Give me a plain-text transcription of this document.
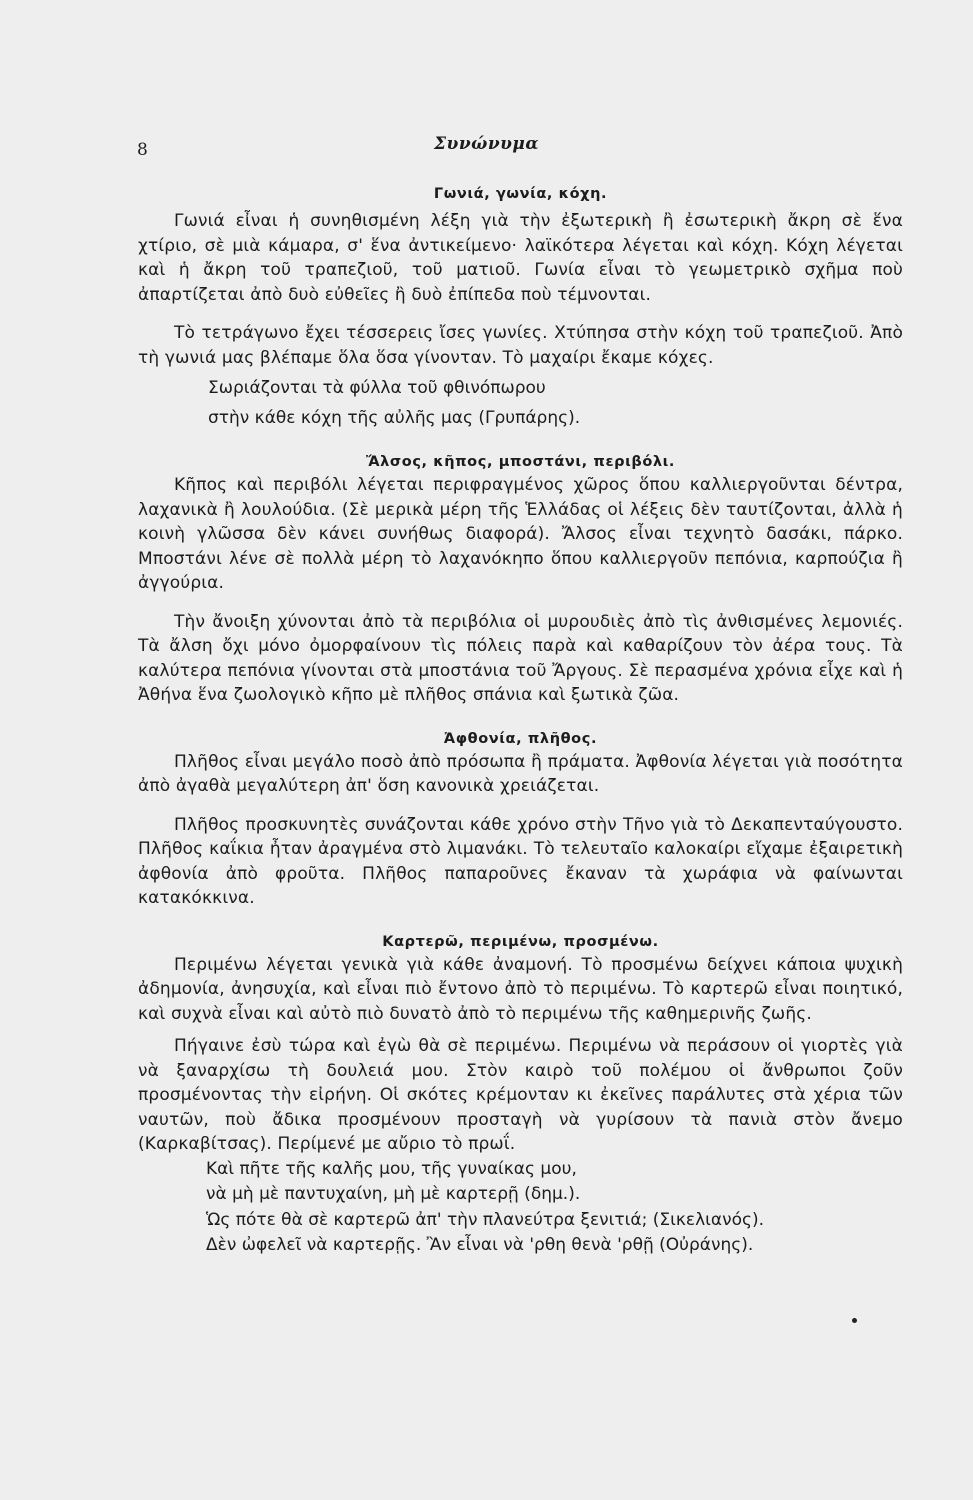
8	Συνώνυμα
Γωνιά, γωνία, κόχη.

Γωνιά εἶναι ἡ συνηθισμένη λέξη γιὰ τὴν ἐξωτερικὴ ἢ ἐσωτερικὴ ἄκρη σὲ ἕνα χτίριο, σὲ μιὰ κάμαρα, σ' ἕνα ἀντικείμενο· λαϊκότερα λέγεται καὶ κόχη. Κόχη λέγεται καὶ ἡ ἄκρη τοῦ τραπεζιοῦ, τοῦ ματιοῦ. Γωνία εἶναι τὸ γεωμετρικὸ σχῆμα ποὺ ἀπαρτίζεται ἀπὸ δυὸ εὐθεῖες ἢ δυὸ ἐπίπεδα ποὺ τέμνονται.

Τὸ τετράγωνο ἔχει τέσσερεις ἴσες γωνίες. Χτύπησα στὴν κόχη τοῦ τραπεζιοῦ. Ἀπὸ τὴ γωνιά μας βλέπαμε ὅλα ὅσα γίνονταν. Τὸ μαχαίρι ἔκαμε κόχες.

Σωριάζονται τὰ φύλλα τοῦ φθινόπωρου
στὴν κάθε κόχη τῆς αὐλῆς μας (Γρυπάρης).
Ἄλσος, κῆπος, μποστάνι, περιβόλι.

Κῆπος καὶ περιβόλι λέγεται περιφραγμένος χῶρος ὅπου καλλιεργοῦνται δέντρα, λαχανικὰ ἢ λουλούδια. (Σὲ μερικὰ μέρη τῆς Ἑλλάδας οἱ λέξεις δὲν ταυτίζονται, ἀλλὰ ἡ κοινὴ γλῶσσα δὲν κάνει συνήθως διαφορά). Ἄλσος εἶναι τεχνητὸ δασάκι, πάρκο. Μποστάνι λένε σὲ πολλὰ μέρη τὸ λαχανόκηπο ὅπου καλλιεργοῦν πεπόνια, καρπούζια ἢ ἀγγούρια.

Τὴν ἄνοιξη χύνονται ἀπὸ τὰ περιβόλια οἱ μυρουδιὲς ἀπὸ τὶς ἀνθισμένες λεμονιές. Τὰ ἄλση ὄχι μόνο ὀμορφαίνουν τὶς πόλεις παρὰ καὶ καθαρίζουν τὸν ἀέρα τους. Τὰ καλύτερα πεπόνια γίνονται στὰ μποστάνια τοῦ Ἄργους. Σὲ περασμένα χρόνια εἶχε καὶ ἡ Ἀθήνα ἕνα ζωολογικὸ κῆπο μὲ πλῆθος σπάνια καὶ ξωτικὰ ζῶα.

Ἀφθονία, πλῆθος.

Πλῆθος εἶναι μεγάλο ποσὸ ἀπὸ πρόσωπα ἢ πράματα. Ἀφθονία λέγεται γιὰ ποσότητα ἀπὸ ἀγαθὰ μεγαλύτερη ἀπ' ὅση κανονικὰ χρειάζεται.

Πλῆθος προσκυνητὲς συνάζονται κάθε χρόνο στὴν Τῆνο γιὰ τὸ Δεκαπενταύγουστο. Πλῆθος καΐκια ἦταν ἀραγμένα στὸ λιμανάκι. Τὸ τελευταῖο καλοκαίρι εἴχαμε ἐξαιρετικὴ ἀφθονία ἀπὸ φροῦτα. Πλῆθος παπαροῦνες ἔκαναν τὰ χωράφια νὰ φαίνωνται κατακόκκινα.

Καρτερῶ, περιμένω, προσμένω.

Περιμένω λέγεται γενικὰ γιὰ κάθε ἀναμονή. Τὸ προσμένω δείχνει κάποια ψυχικὴ ἀδημονία, ἀνησυχία, καὶ εἶναι πιὸ ἔντονο ἀπὸ τὸ περιμένω. Τὸ καρτερῶ εἶναι ποιητικό, καὶ συχνὰ εἶναι καὶ αὐτὸ πιὸ δυνατὸ ἀπὸ τὸ περιμένω τῆς καθημερινῆς ζωῆς.

Πήγαινε ἐσὺ τώρα καὶ ἐγὼ θὰ σὲ περιμένω. Περιμένω νὰ περάσουν οἱ γιορτὲς γιὰ νὰ ξαναρχίσω τὴ δουλειά μου. Στὸν καιρὸ τοῦ πολέμου οἱ ἄνθρωποι ζοῦν προσμένοντας τὴν εἰρήνη. Οἱ σκότες κρέμονταν κι ἐκεῖνες παράλυτες στὰ χέρια τῶν ναυτῶν, ποὺ ἄδικα προσμένουν προσταγὴ νὰ γυρίσουν τὰ πανιὰ στὸν ἄνεμο (Καρκαβίτσας). Περίμενέ με αὔριο τὸ πρωΐ.

Καὶ πῆτε τῆς καλῆς μου, τῆς γυναίκας μου,
νὰ μὴ μὲ παντυχαίνη, μὴ μὲ καρτερῇ (δημ.).
Ὡς πότε θὰ σὲ καρτερῶ ἀπ' τὴν πλανεύτρα ξενιτιά; (Σικελιανός).
Δὲν ὠφελεῖ νὰ καρτερῇς. Ἂν εἶναι νὰ 'ρθη θενὰ 'ρθῇ (Οὐράνης).
